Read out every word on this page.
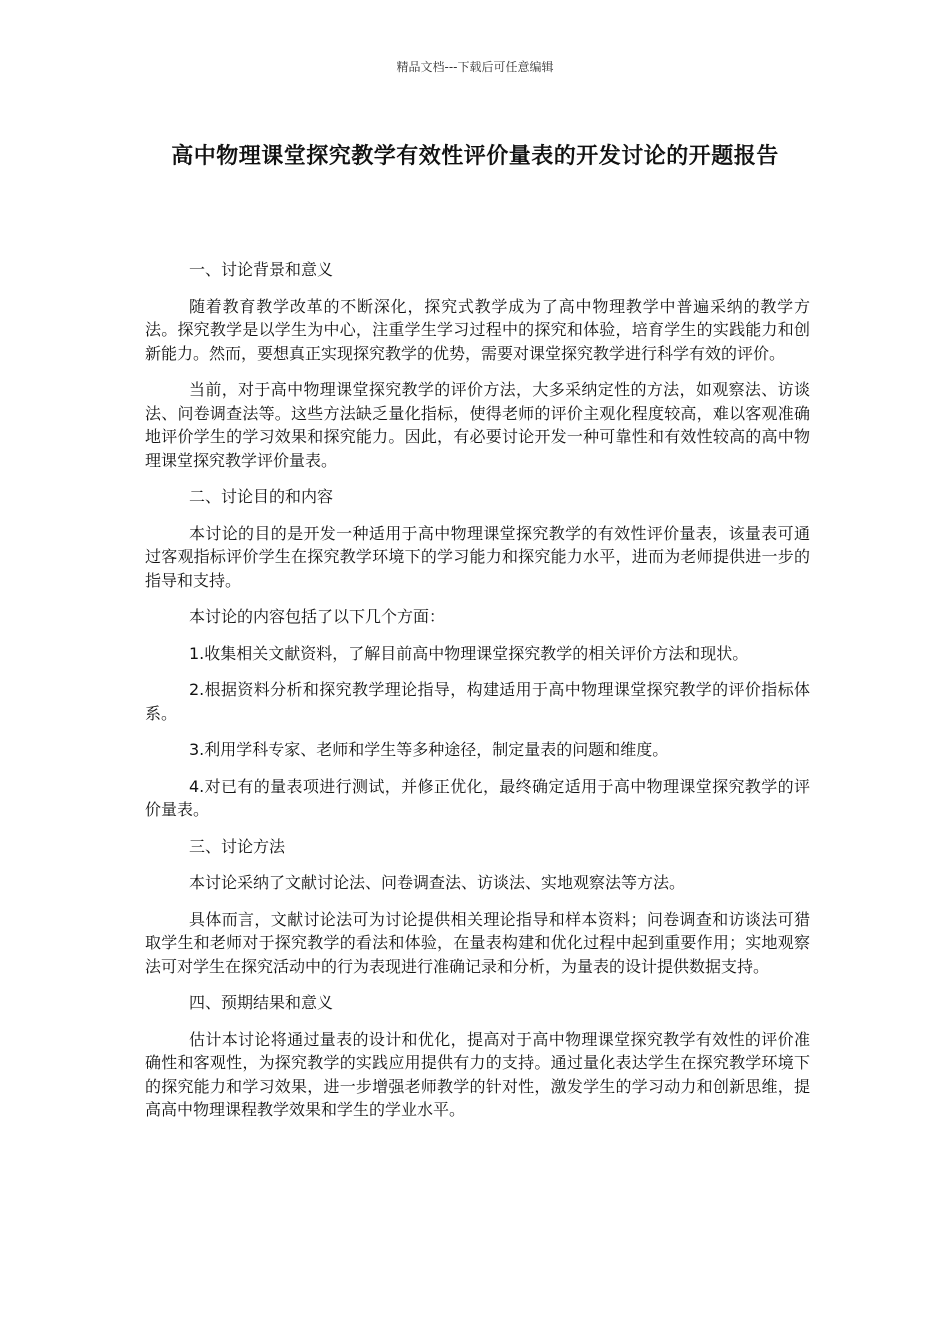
精品文档---下载后可任意编辑
高中物理课堂探究教学有效性评价量表的开发讨论的开题报告

一、讨论背景和意义

随着教育教学改革的不断深化，探究式教学成为了高中物理教学中普遍采纳的教学方法。探究教学是以学生为中心，注重学生学习过程中的探究和体验，培育学生的实践能力和创新能力。然而，要想真正实现探究教学的优势，需要对课堂探究教学进行科学有效的评价。

当前，对于高中物理课堂探究教学的评价方法，大多采纳定性的方法，如观察法、访谈法、问卷调查法等。这些方法缺乏量化指标，使得老师的评价主观化程度较高，难以客观准确地评价学生的学习效果和探究能力。因此，有必要讨论开发一种可靠性和有效性较高的高中物理课堂探究教学评价量表。

二、讨论目的和内容

本讨论的目的是开发一种适用于高中物理课堂探究教学的有效性评价量表，该量表可通过客观指标评价学生在探究教学环境下的学习能力和探究能力水平，进而为老师提供进一步的指导和支持。

本讨论的内容包括了以下几个方面：

1.收集相关文献资料，了解目前高中物理课堂探究教学的相关评价方法和现状。

2.根据资料分析和探究教学理论指导，构建适用于高中物理课堂探究教学的评价指标体系。

3.利用学科专家、老师和学生等多种途径，制定量表的问题和维度。

4.对已有的量表项进行测试，并修正优化，最终确定适用于高中物理课堂探究教学的评价量表。

三、讨论方法

本讨论采纳了文献讨论法、问卷调查法、访谈法、实地观察法等方法。

具体而言，文献讨论法可为讨论提供相关理论指导和样本资料；问卷调查和访谈法可猎取学生和老师对于探究教学的看法和体验，在量表构建和优化过程中起到重要作用；实地观察法可对学生在探究活动中的行为表现进行准确记录和分析，为量表的设计提供数据支持。

四、预期结果和意义

估计本讨论将通过量表的设计和优化，提高对于高中物理课堂探究教学有效性的评价准确性和客观性，为探究教学的实践应用提供有力的支持。通过量化表达学生在探究教学环境下的探究能力和学习效果，进一步增强老师教学的针对性，激发学生的学习动力和创新思维，提高高中物理课程教学效果和学生的学业水平。
